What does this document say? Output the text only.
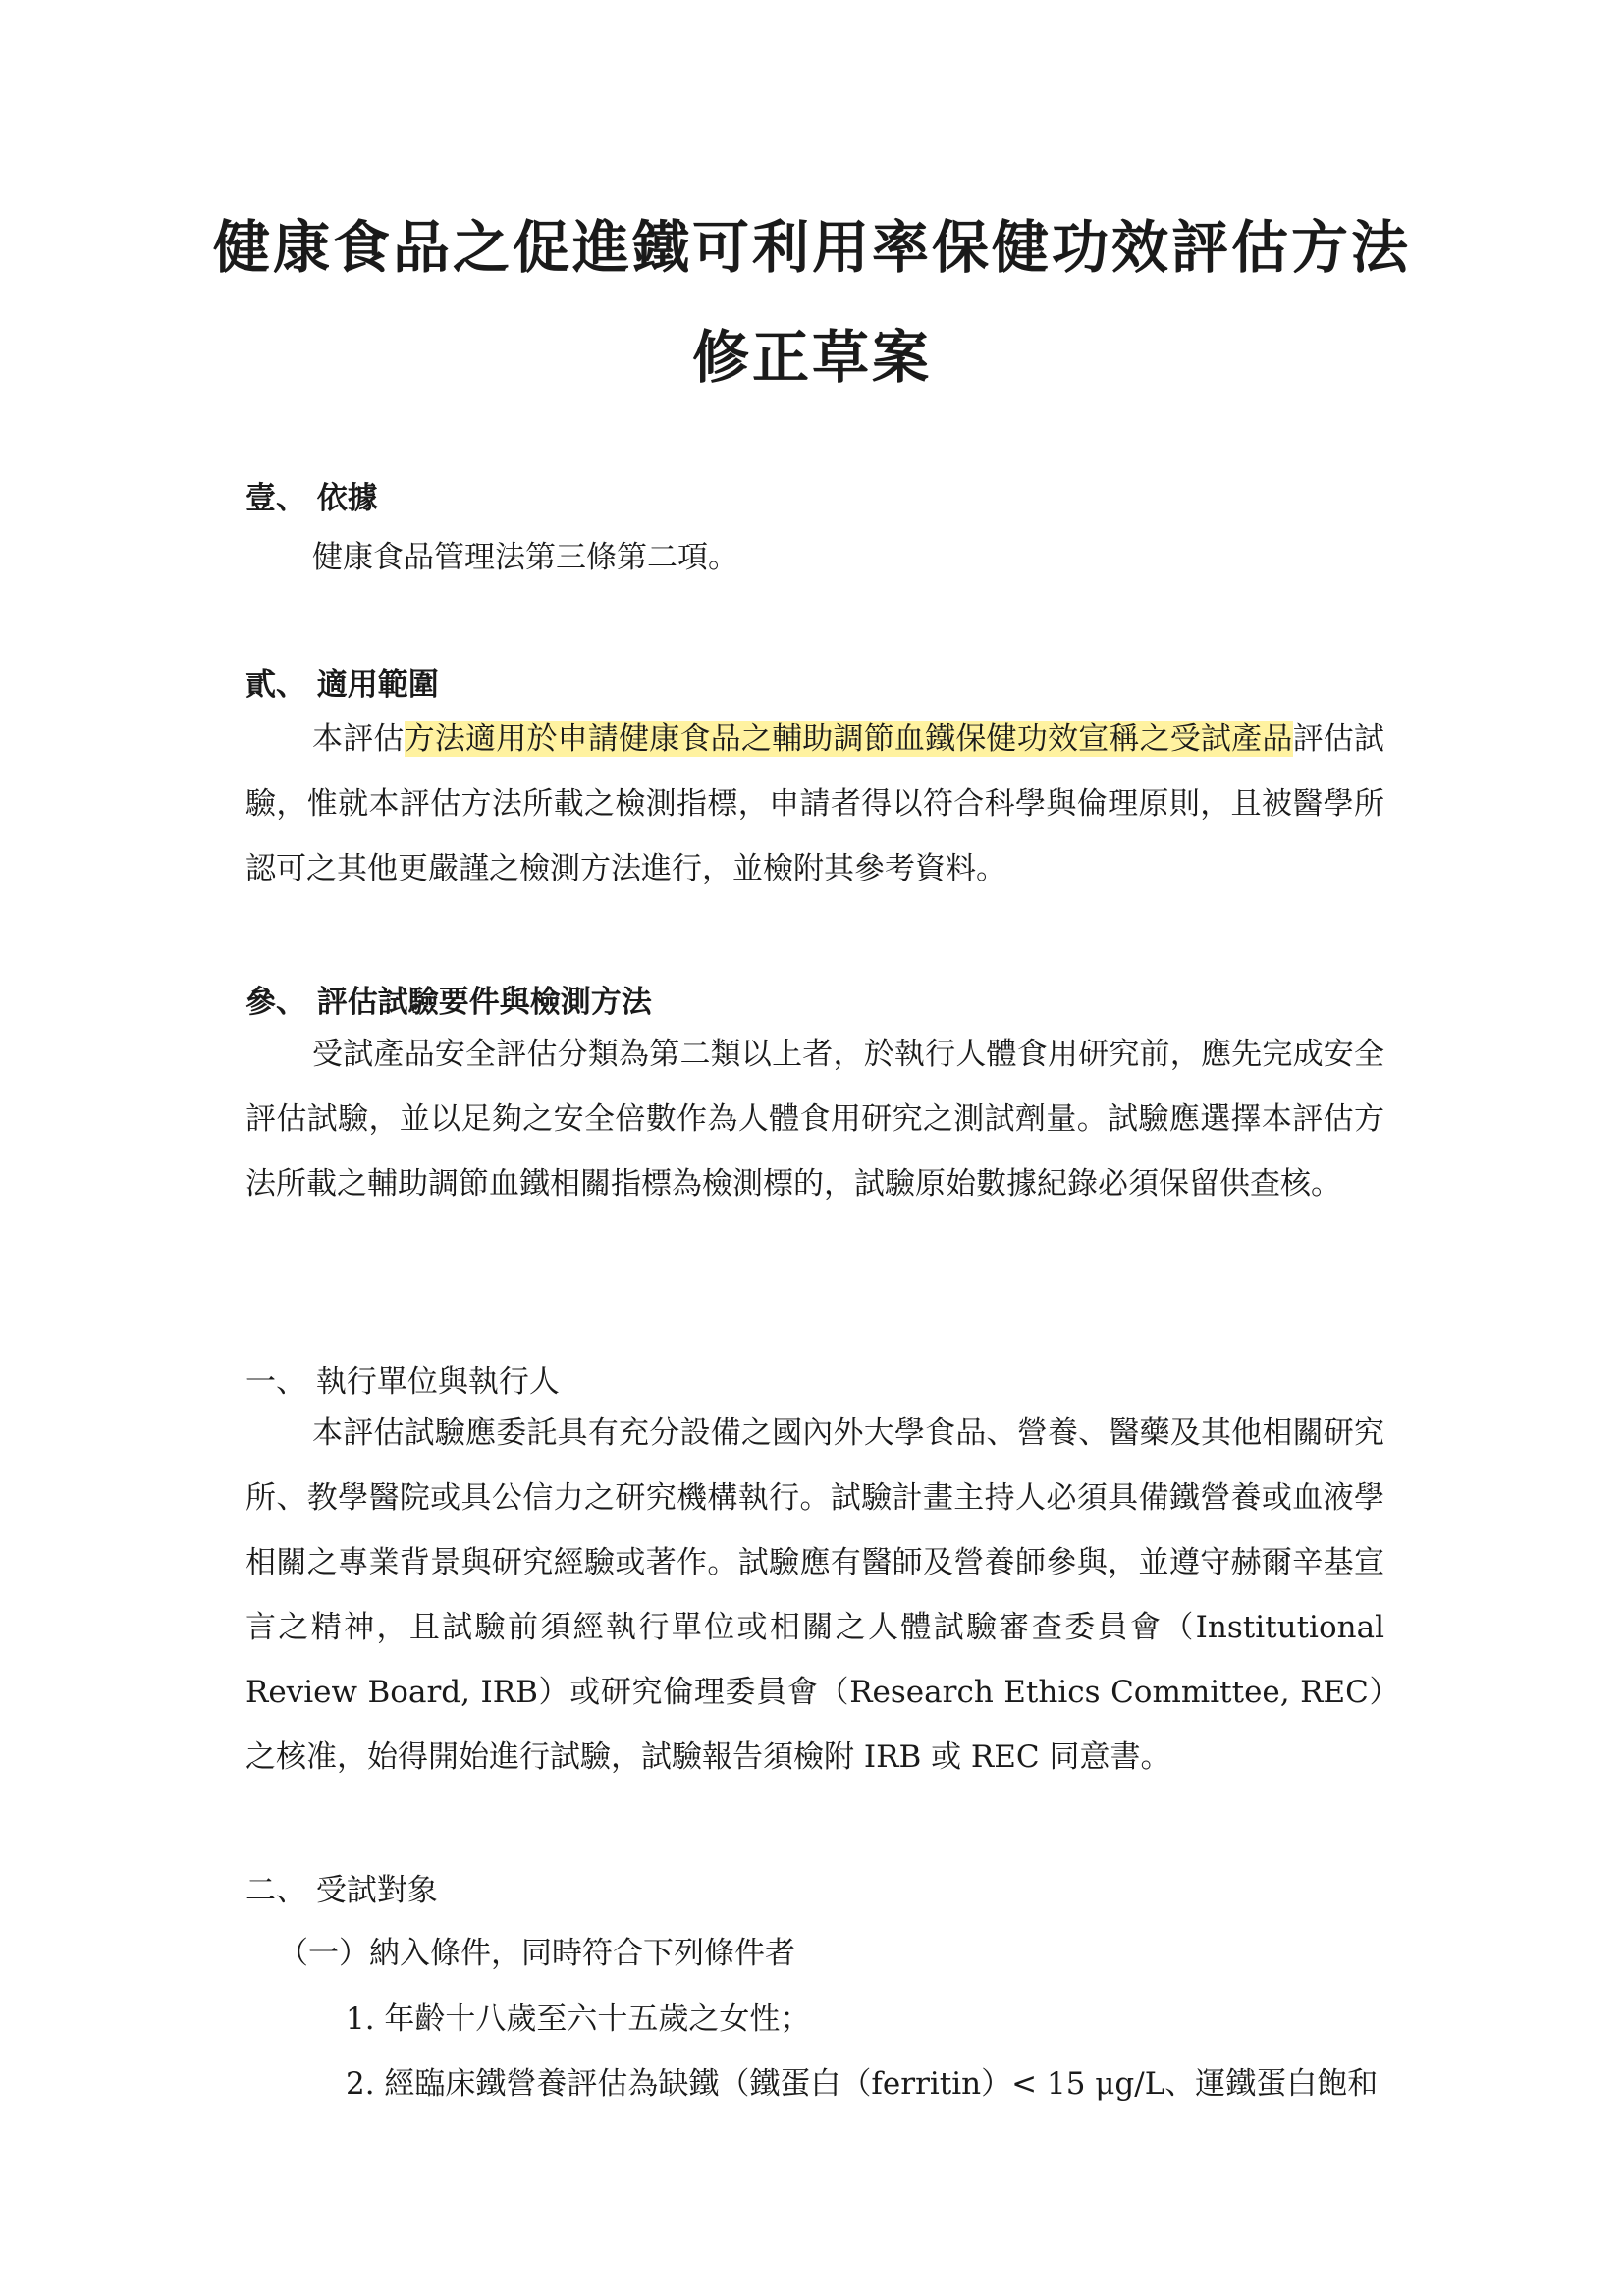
健康食品之促進鐵可利用率保健功效評估方法
修正草案
壹、 依據
健康食品管理法第三條第二項。
貳、 適用範圍
本評估方法適用於申請健康食品之輔助調節血鐵保健功效宣稱之受試產品評估試驗，惟就本評估方法所載之檢測指標，申請者得以符合科學與倫理原則，且被醫學所認可之其他更嚴謹之檢測方法進行，並檢附其參考資料。
參、 評估試驗要件與檢測方法
受試產品安全評估分類為第二類以上者，於執行人體食用研究前，應先完成安全評估試驗，並以足夠之安全倍數作為人體食用研究之測試劑量。試驗應選擇本評估方法所載之輔助調節血鐵相關指標為檢測標的，試驗原始數據紀錄必須保留供查核。
一、 執行單位與執行人
本評估試驗應委託具有充分設備之國內外大學食品、營養、醫藥及其他相關研究所、教學醫院或具公信力之研究機構執行。試驗計畫主持人必須具備鐵營養或血液學相關之專業背景與研究經驗或著作。試驗應有醫師及營養師參與，並遵守赫爾辛基宣言之精神，且試驗前須經執行單位或相關之人體試驗審查委員會（Institutional Review Board, IRB）或研究倫理委員會（Research Ethics Committee, REC）之核准，始得開始進行試驗，試驗報告須檢附 IRB 或 REC 同意書。
二、 受試對象
（一）納入條件，同時符合下列條件者
1. 年齡十八歲至六十五歲之女性；
2. 經臨床鐵營養評估為缺鐵（鐵蛋白（ferritin）< 15 μg/L、運鐵蛋白飽和
